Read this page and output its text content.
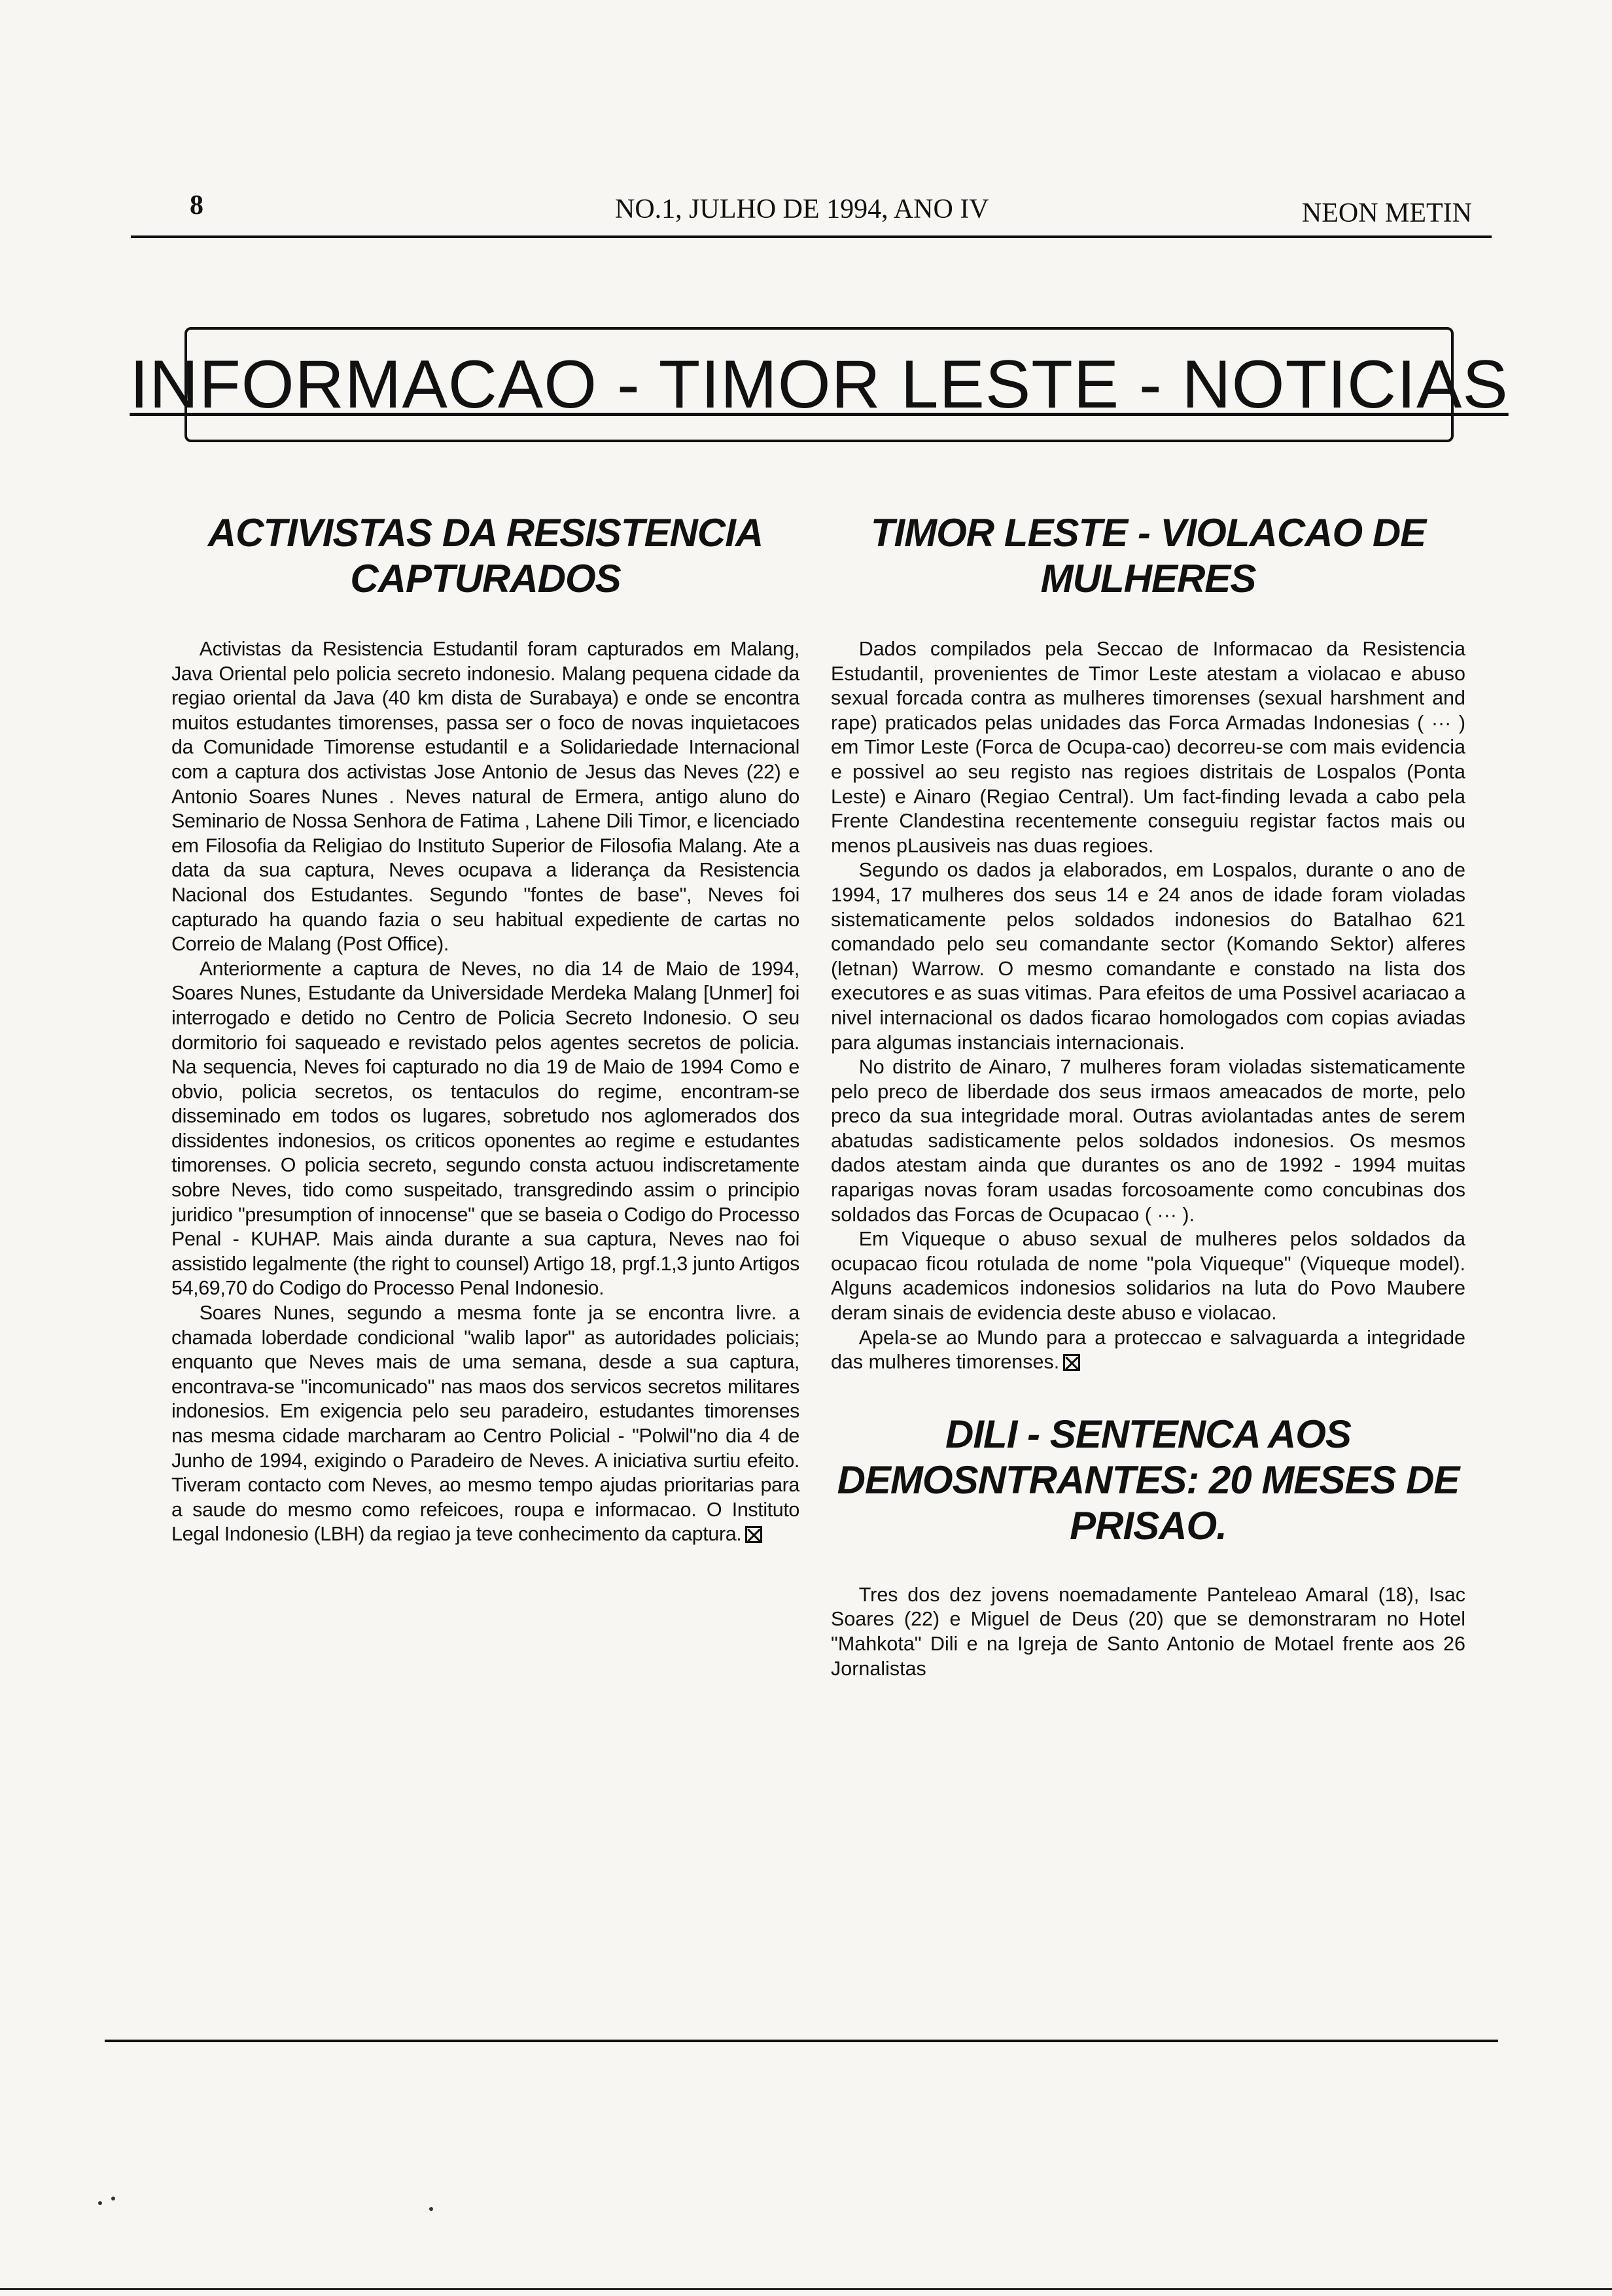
8	NO.1, JULHO DE 1994, ANO IV	NEON METIN
INFORMACAO - TIMOR LESTE - NOTICIAS
ACTIVISTAS DA RESISTENCIA CAPTURADOS

Activistas da Resistencia Estudantil foram capturados em Malang, Java Oriental pelo policia secreto indonesio. Malang pequena cidade da regiao oriental da Java (40 km dista de Surabaya) e onde se encontra muitos estudantes timorenses, passa ser o foco de novas inquietacoes da Comunidade Timorense estudantil e a Solidariedade Internacional com a captura dos activistas Jose Antonio de Jesus das Neves (22) e Antonio Soares Nunes . Neves natural de Ermera, antigo aluno do Seminario de Nossa Senhora de Fatima , Lahene Dili Timor, e licenciado em Filosofia da Religiao do Instituto Superior de Filosofia Malang. Ate a data da sua captura, Neves ocupava a liderança da Resistencia Nacional dos Estudantes. Segundo "fontes de base", Neves foi capturado ha quando fazia o seu habitual expediente de cartas no Correio de Malang (Post Office).

Anteriormente a captura de Neves, no dia 14 de Maio de 1994, Soares Nunes, Estudante da Universidade Merdeka Malang [Unmer] foi interrogado e detido no Centro de Policia Secreto Indonesio. O seu dormitorio foi saqueado e revistado pelos agentes secretos de policia. Na sequencia, Neves foi capturado no dia 19 de Maio de 1994 Como e obvio, policia secretos, os tentaculos do regime, encontram-se disseminado em todos os lugares, sobretudo nos aglomerados dos dissidentes indonesios, os criticos oponentes ao regime e estudantes timorenses. O policia secreto, segundo consta actuou indiscretamente sobre Neves, tido como suspeitado, transgredindo assim o principio juridico "presumption of innocense" que se baseia o Codigo do Processo Penal - KUHAP. Mais ainda durante a sua captura, Neves nao foi assistido legalmente (the right to counsel) Artigo 18, prgf.1,3 junto Artigos 54,69,70 do Codigo do Processo Penal Indonesio.

Soares Nunes, segundo a mesma fonte ja se encontra livre. a chamada loberdade condicional "walib lapor" as autoridades policiais; enquanto que Neves mais de uma semana, desde a sua captura, encontrava-se "incomunicado" nas maos dos servicos secretos militares indonesios. Em exigencia pelo seu paradeiro, estudantes timorenses nas mesma cidade marcharam ao Centro Policial - "Polwil"no dia 4 de Junho de 1994, exigindo o Paradeiro de Neves. A iniciativa surtiu efeito. Tiveram contacto com Neves, ao mesmo tempo ajudas prioritarias para a saude do mesmo como refeicoes, roupa e informacao. O Instituto Legal Indonesio (LBH) da regiao ja teve conhecimento da captura.

TIMOR LESTE - VIOLACAO DE MULHERES

Dados compilados pela Seccao de Informacao da Resistencia Estudantil, provenientes de Timor Leste atestam a violacao e abuso sexual forcada contra as mulheres timorenses (sexual harshment and rape) praticados pelas unidades das Forca Armadas Indonesias ( ··· ) em Timor Leste (Forca de Ocupa-cao) decorreu-se com mais evidencia e possivel ao seu registo nas regioes distritais de Lospalos (Ponta Leste) e Ainaro (Regiao Central). Um fact-finding levada a cabo pela Frente Clandestina recentemente conseguiu registar factos mais ou menos pLausiveis nas duas regioes.

Segundo os dados ja elaborados, em Lospalos, durante o ano de 1994, 17 mulheres dos seus 14 e 24 anos de idade foram violadas sistematicamente pelos soldados indonesios do Batalhao 621 comandado pelo seu comandante sector (Komando Sektor) alferes (letnan) Warrow. O mesmo comandante e constado na lista dos executores e as suas vitimas. Para efeitos de uma Possivel acariacao a nivel internacional os dados ficarao homologados com copias aviadas para algumas instanciais internacionais.

No distrito de Ainaro, 7 mulheres foram violadas sistematicamente pelo preco de liberdade dos seus irmaos ameacados de morte, pelo preco da sua integridade moral. Outras aviolantadas antes de serem abatudas sadisticamente pelos soldados indonesios. Os mesmos dados atestam ainda que durantes os ano de 1992 - 1994 muitas raparigas novas foram usadas forcosoamente como concubinas dos soldados das Forcas de Ocupacao ( ··· ).

Em Viqueque o abuso sexual de mulheres pelos soldados da ocupacao ficou rotulada de nome "pola Viqueque" (Viqueque model). Alguns academicos indonesios solidarios na luta do Povo Maubere deram sinais de evidencia deste abuso e violacao.

Apela-se ao Mundo para a proteccao e salvaguarda a integridade das mulheres timorenses.

DILI - SENTENCA AOS DEMOSNTRANTES: 20 MESES DE PRISAO.

Tres dos dez jovens noemadamente Panteleao Amaral (18), Isac Soares (22) e Miguel de Deus (20) que se demonstraram no Hotel "Mahkota" Dili e na Igreja de Santo Antonio de Motael frente aos 26 Jornalistas
